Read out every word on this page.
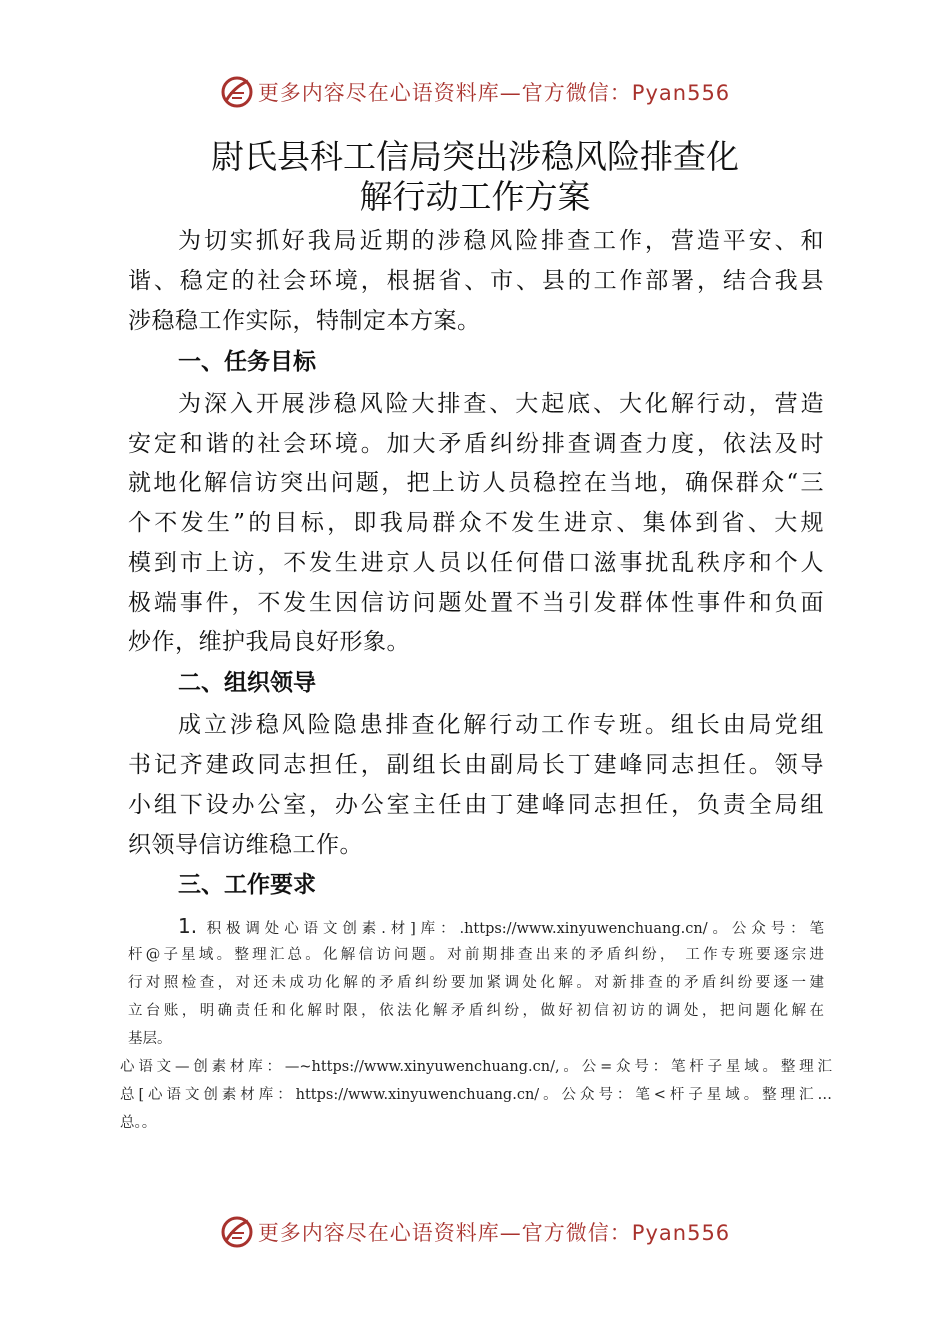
更多内容尽在心语资料库—官方微信：Pyan556
尉氏县科工信局突出涉稳风险排查化
解行动工作方案
为切实抓好我局近期的涉稳风险排查工作，营造平安、和
谐、稳定的社会环境，根据省、市、县的工作部署，结合我县
涉稳稳工作实际，特制定本方案。
一、任务目标
为深入开展涉稳风险大排查、大起底、大化解行动，营造
安定和谐的社会环境。加大矛盾纠纷排查调查力度，依法及时
就地化解信访突出问题，把上访人员稳控在当地，确保群众“三
个不发生”的目标，即我局群众不发生进京、集体到省、大规
模到市上访，不发生进京人员以任何借口滋事扰乱秩序和个人
极端事件，不发生因信访问题处置不当引发群体性事件和负面
炒作，维护我局良好形象。
二、组织领导
成立涉稳风险隐患排查化解行动工作专班。组长由局党组
书记齐建政同志担任，副组长由副局长丁建峰同志担任。领导
小组下设办公室，办公室主任由丁建峰同志担任，负责全局组
织领导信访维稳工作。
三、工作要求
1. 积极调处心语文创素.材]库：.https://www.xinyuwenchuang.cn/。公众号：笔
杆@子星域。整理汇总。化解信访问题。对前期排查出来的矛盾纠纷， 工作专班要逐宗进
行对照检查，对还未成功化解的矛盾纠纷要加紧调处化解。对新排查的矛盾纠纷要逐一建
立台账，明确责任和化解时限，依法化解矛盾纠纷，做好初信初访的调处，把问题化解在
基层。
心语文—创素材库：—~https://www.xinyuwenchuang.cn/,。公=众号：笔杆子星域。整理汇
总[心语文创素材库：https://www.xinyuwenchuang.cn/。公众号：笔<杆子星域。整理汇…
总。。
更多内容尽在心语资料库—官方微信：Pyan556
